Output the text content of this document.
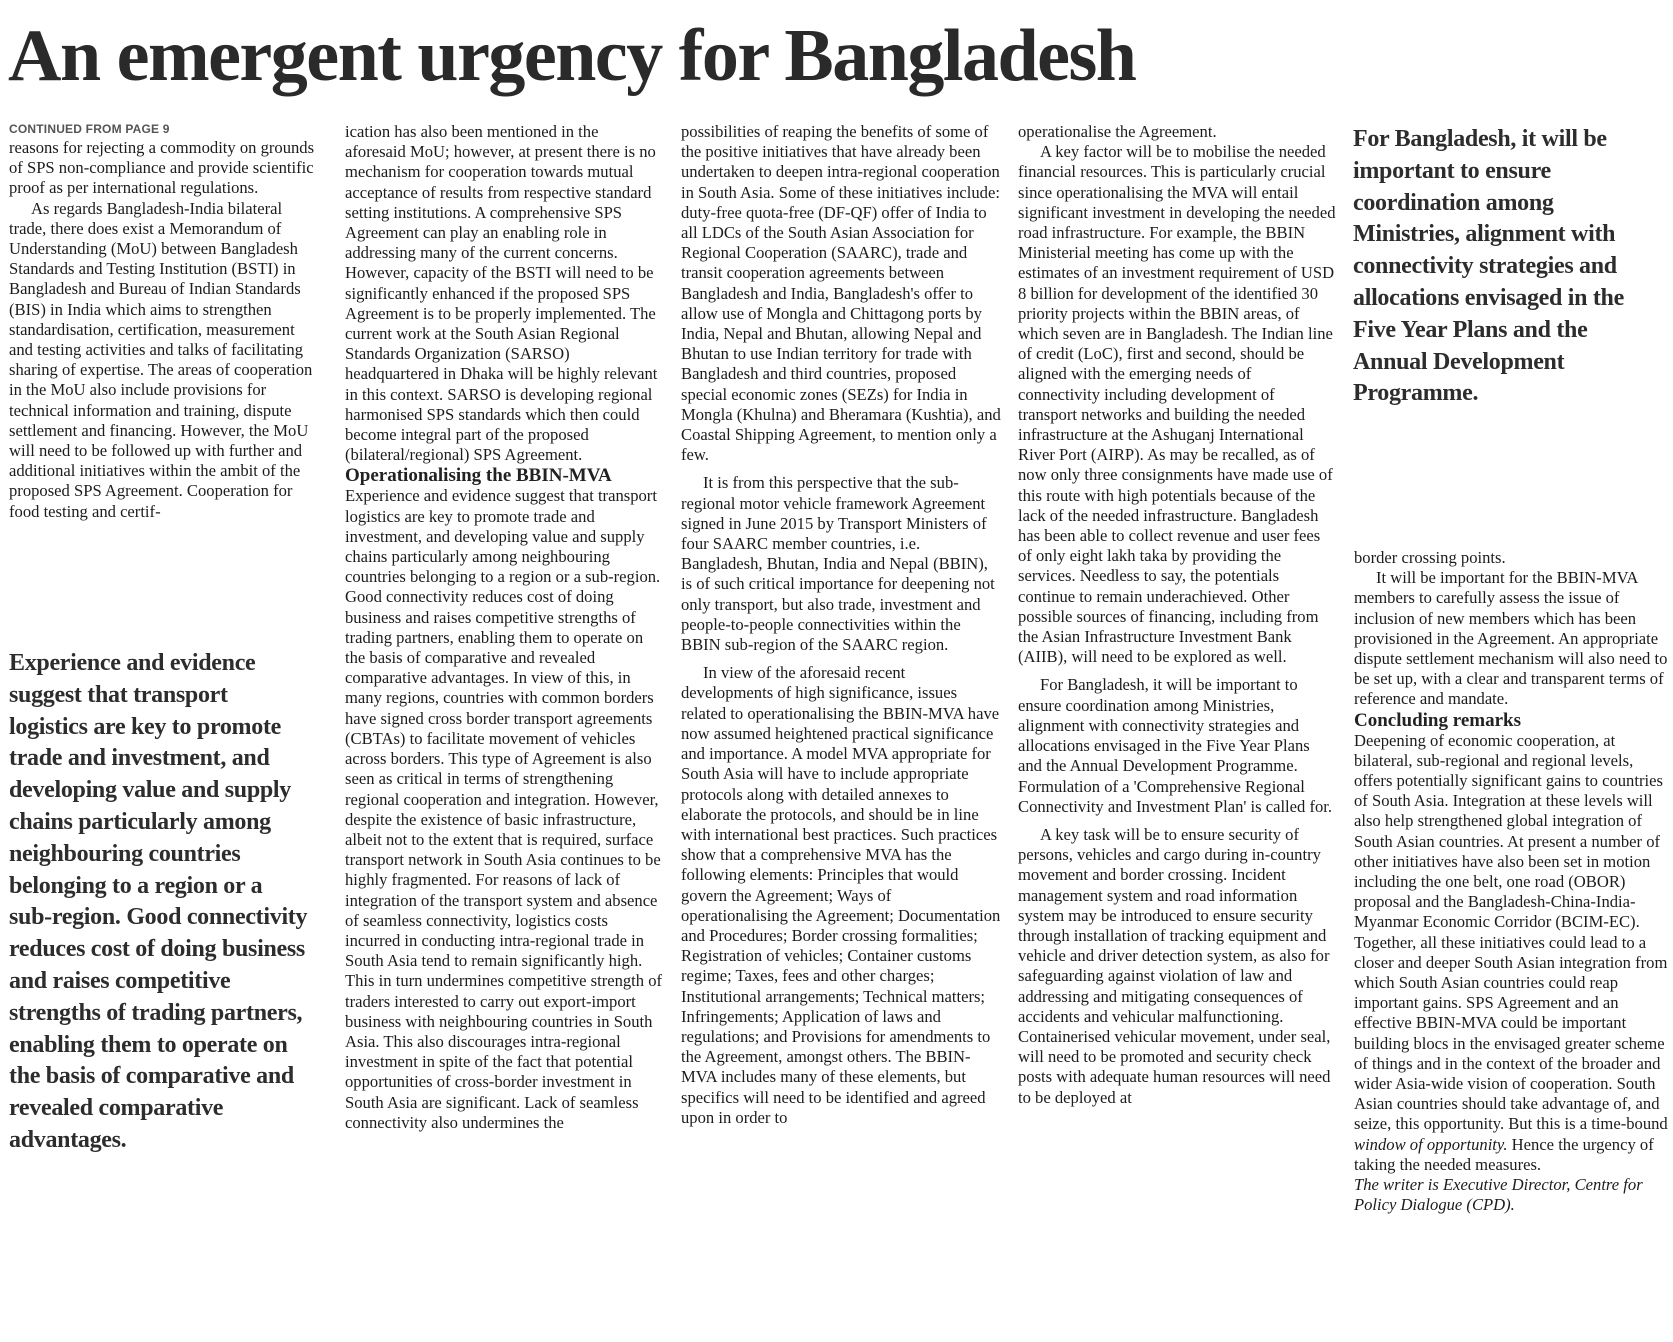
An emergent urgency for Bangladesh
CONTINUED FROM PAGE 9

reasons for rejecting a commodity on grounds of SPS non-compliance and provide scientific proof as per international regulations.

As regards Bangladesh-India bilateral trade, there does exist a Memorandum of Understanding (MoU) between Bangladesh Standards and Testing Institution (BSTI) in Bangladesh and Bureau of Indian Standards (BIS) in India which aims to strengthen standardisation, certification, measurement and testing activities and talks of facilitating sharing of expertise. The areas of cooperation in the MoU also include provisions for technical information and training, dispute settlement and financing. However, the MoU will need to be followed up with further and additional initiatives within the ambit of the proposed SPS Agreement. Cooperation for food testing and certif-

Experience and evidence suggest that transport logistics are key to promote trade and investment, and developing value and supply chains particularly among neighbouring countries belonging to a region or a sub-region. Good connectivity reduces cost of doing business and raises competitive strengths of trading partners, enabling them to operate on the basis of comparative and revealed comparative advantages.

ication has also been mentioned in the aforesaid MoU; however, at present there is no mechanism for cooperation towards mutual acceptance of results from respective standard setting institutions. A comprehensive SPS Agreement can play an enabling role in addressing many of the current concerns. However, capacity of the BSTI will need to be significantly enhanced if the proposed SPS Agreement is to be properly implemented. The current work at the South Asian Regional Standards Organization (SARSO) headquartered in Dhaka will be highly relevant in this context. SARSO is developing regional harmonised SPS standards which then could become integral part of the proposed (bilateral/regional) SPS Agreement.

Operationalising the BBIN-MVA

Experience and evidence suggest that transport logistics are key to promote trade and investment, and developing value and supply chains particularly among neighbouring countries belonging to a region or a sub-region. Good connectivity reduces cost of doing business and raises competitive strengths of trading partners, enabling them to operate on the basis of comparative and revealed comparative advantages. In view of this, in many regions, countries with common borders have signed cross border transport agreements (CBTAs) to facilitate movement of vehicles across borders. This type of Agreement is also seen as critical in terms of strengthening regional cooperation and integration. However, despite the existence of basic infrastructure, albeit not to the extent that is required, surface transport network in South Asia continues to be highly fragmented. For reasons of lack of integration of the transport system and absence of seamless connectivity, logistics costs incurred in conducting intra-regional trade in South Asia tend to remain significantly high. This in turn undermines competitive strength of traders interested to carry out export-import business with neighbouring countries in South Asia. This also discourages intra-regional investment in spite of the fact that potential opportunities of cross-border investment in South Asia are significant. Lack of seamless connectivity also undermines the

possibilities of reaping the benefits of some of the positive initiatives that have already been undertaken to deepen intra-regional cooperation in South Asia. Some of these initiatives include: duty-free quota-free (DF-QF) offer of India to all LDCs of the South Asian Association for Regional Cooperation (SAARC), trade and transit cooperation agreements between Bangladesh and India, Bangladesh's offer to allow use of Mongla and Chittagong ports by India, Nepal and Bhutan, allowing Nepal and Bhutan to use Indian territory for trade with Bangladesh and third countries, proposed special economic zones (SEZs) for India in Mongla (Khulna) and Bheramara (Kushtia), and Coastal Shipping Agreement, to mention only a few.

It is from this perspective that the sub-regional motor vehicle framework Agreement signed in June 2015 by Transport Ministers of four SAARC member countries, i.e. Bangladesh, Bhutan, India and Nepal (BBIN), is of such critical importance for deepening not only transport, but also trade, investment and people-to-people connectivities within the BBIN sub-region of the SAARC region.

In view of the aforesaid recent developments of high significance, issues related to operationalising the BBIN-MVA have now assumed heightened practical significance and importance. A model MVA appropriate for South Asia will have to include appropriate protocols along with detailed annexes to elaborate the protocols, and should be in line with international best practices. Such practices show that a comprehensive MVA has the following elements: Principles that would govern the Agreement; Ways of operationalising the Agreement; Documentation and Procedures; Border crossing formalities; Registration of vehicles; Container customs regime; Taxes, fees and other charges; Institutional arrangements; Technical matters; Infringements; Application of laws and regulations; and Provisions for amendments to the Agreement, amongst others. The BBIN-MVA includes many of these elements, but specifics will need to be identified and agreed upon in order to

operationalise the Agreement.

A key factor will be to mobilise the needed financial resources. This is particularly crucial since operationalising the MVA will entail significant investment in developing the needed road infrastructure. For example, the BBIN Ministerial meeting has come up with the estimates of an investment requirement of USD 8 billion for development of the identified 30 priority projects within the BBIN areas, of which seven are in Bangladesh. The Indian line of credit (LoC), first and second, should be aligned with the emerging needs of connectivity including development of transport networks and building the needed infrastructure at the Ashuganj International River Port (AIRP). As may be recalled, as of now only three consignments have made use of this route with high potentials because of the lack of the needed infrastructure. Bangladesh has been able to collect revenue and user fees of only eight lakh taka by providing the services. Needless to say, the potentials continue to remain underachieved. Other possible sources of financing, including from the Asian Infrastructure Investment Bank (AIIB), will need to be explored as well.

For Bangladesh, it will be important to ensure coordination among Ministries, alignment with connectivity strategies and allocations envisaged in the Five Year Plans and the Annual Development Programme. Formulation of a 'Comprehensive Regional Connectivity and Investment Plan' is called for.

A key task will be to ensure security of persons, vehicles and cargo during in-country movement and border crossing. Incident management system and road information system may be introduced to ensure security through installation of tracking equipment and vehicle and driver detection system, as also for safeguarding against violation of law and addressing and mitigating consequences of accidents and vehicular malfunctioning. Containerised vehicular movement, under seal, will need to be promoted and security check posts with adequate human resources will need to be deployed at

For Bangladesh, it will be important to ensure coordination among Ministries, alignment with connectivity strategies and allocations envisaged in the Five Year Plans and the Annual Development Programme.

border crossing points.

It will be important for the BBIN-MVA members to carefully assess the issue of inclusion of new members which has been provisioned in the Agreement. An appropriate dispute settlement mechanism will also need to be set up, with a clear and transparent terms of reference and mandate.

Concluding remarks

Deepening of economic cooperation, at bilateral, sub-regional and regional levels, offers potentially significant gains to countries of South Asia. Integration at these levels will also help strengthened global integration of South Asian countries. At present a number of other initiatives have also been set in motion including the one belt, one road (OBOR) proposal and the Bangladesh-China-India-Myanmar Economic Corridor (BCIM-EC). Together, all these initiatives could lead to a closer and deeper South Asian integration from which South Asian countries could reap important gains. SPS Agreement and an effective BBIN-MVA could be important building blocs in the envisaged greater scheme of things and in the context of the broader and wider Asia-wide vision of cooperation. South Asian countries should take advantage of, and seize, this opportunity. But this is a time-bound window of opportunity. Hence the urgency of taking the needed measures.

The writer is Executive Director, Centre for Policy Dialogue (CPD).
